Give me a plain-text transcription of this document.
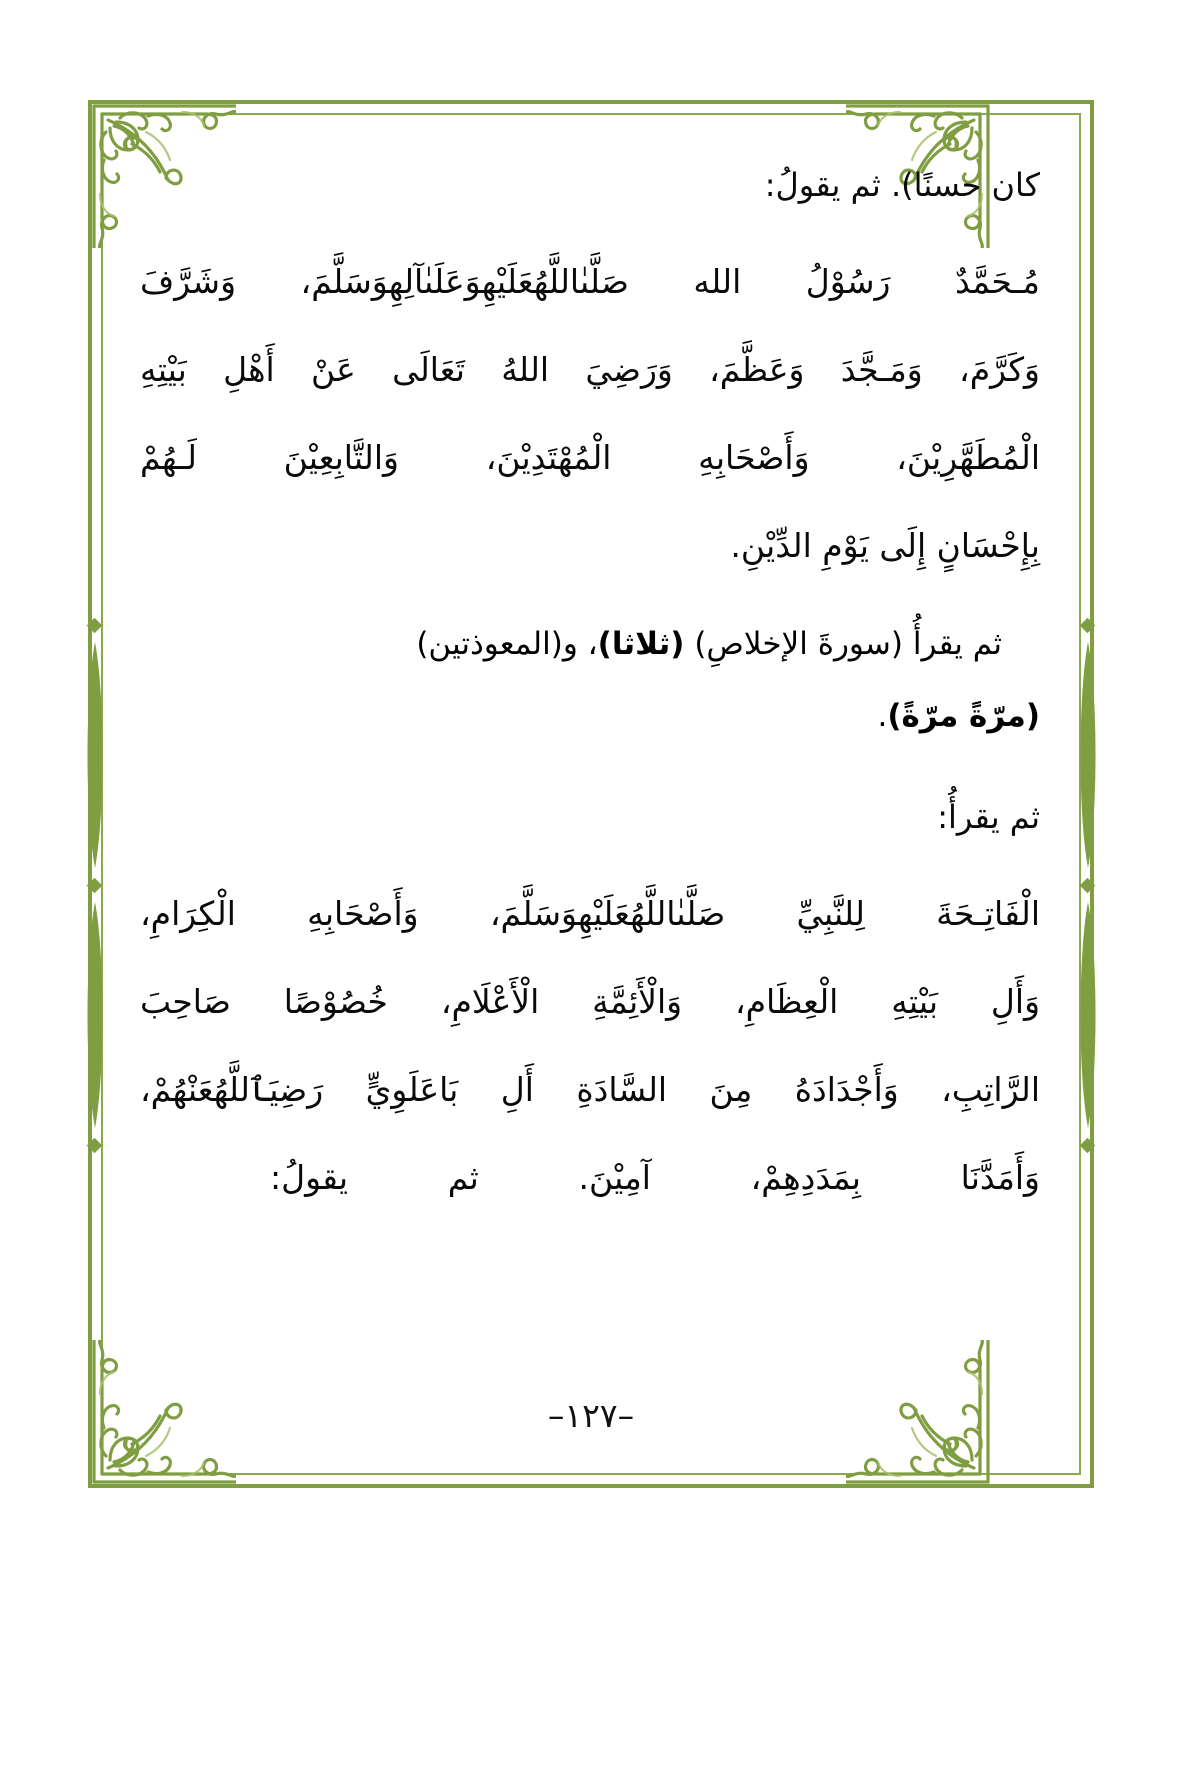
كان حسنًا). ثم يقولُ:
مُـحَمَّدٌ رَسُوْلُ الله صَلَّىٰاللَّهُعَلَيْهِوَعَلَىٰآلِهِوَسَلَّمَ، وَشَرَّفَ
وَكَرَّمَ، وَمَـجَّدَ وَعَظَّمَ، وَرَضِيَ اللهُ تَعَالَى عَنْ أَهْلِ بَيْتِهِ
الْمُطَهَّرِيْنَ، وَأَصْحَابِهِ الْمُهْتَدِيْنَ، وَالتَّابِعِيْنَ لَـهُمْ
بِإِحْسَانٍ إِلَى يَوْمِ الدِّيْنِ.
ثم يقرأُ (سورةَ الإخلاصِ) (ثلاثا)، و(المعوذتين)
(مرّةً مرّةً).
ثم يقرأُ:
الْفَاتِـحَةَ لِلنَّبِيِّ صَلَّىٰاللَّهُعَلَيْهِوَسَلَّمَ، وَأَصْحَابِهِ الْكِرَامِ،
وَأَلِ بَيْتِهِ الْعِظَامِ، وَالْأَئِمَّةِ الْأَعْلَامِ، خُصُوْصًا صَاحِبَ
الرَّاتِبِ، وَأَجْدَادَهُ مِنَ السَّادَةِ أَلِ بَاعَلَوِيٍّ رَضِيَٱللَّهُعَنْهُمْ،
وَأَمَدَّنَا بِمَدَدِهِمْ، آمِيْنَ. ثم يقولُ:
–١٢٧–
